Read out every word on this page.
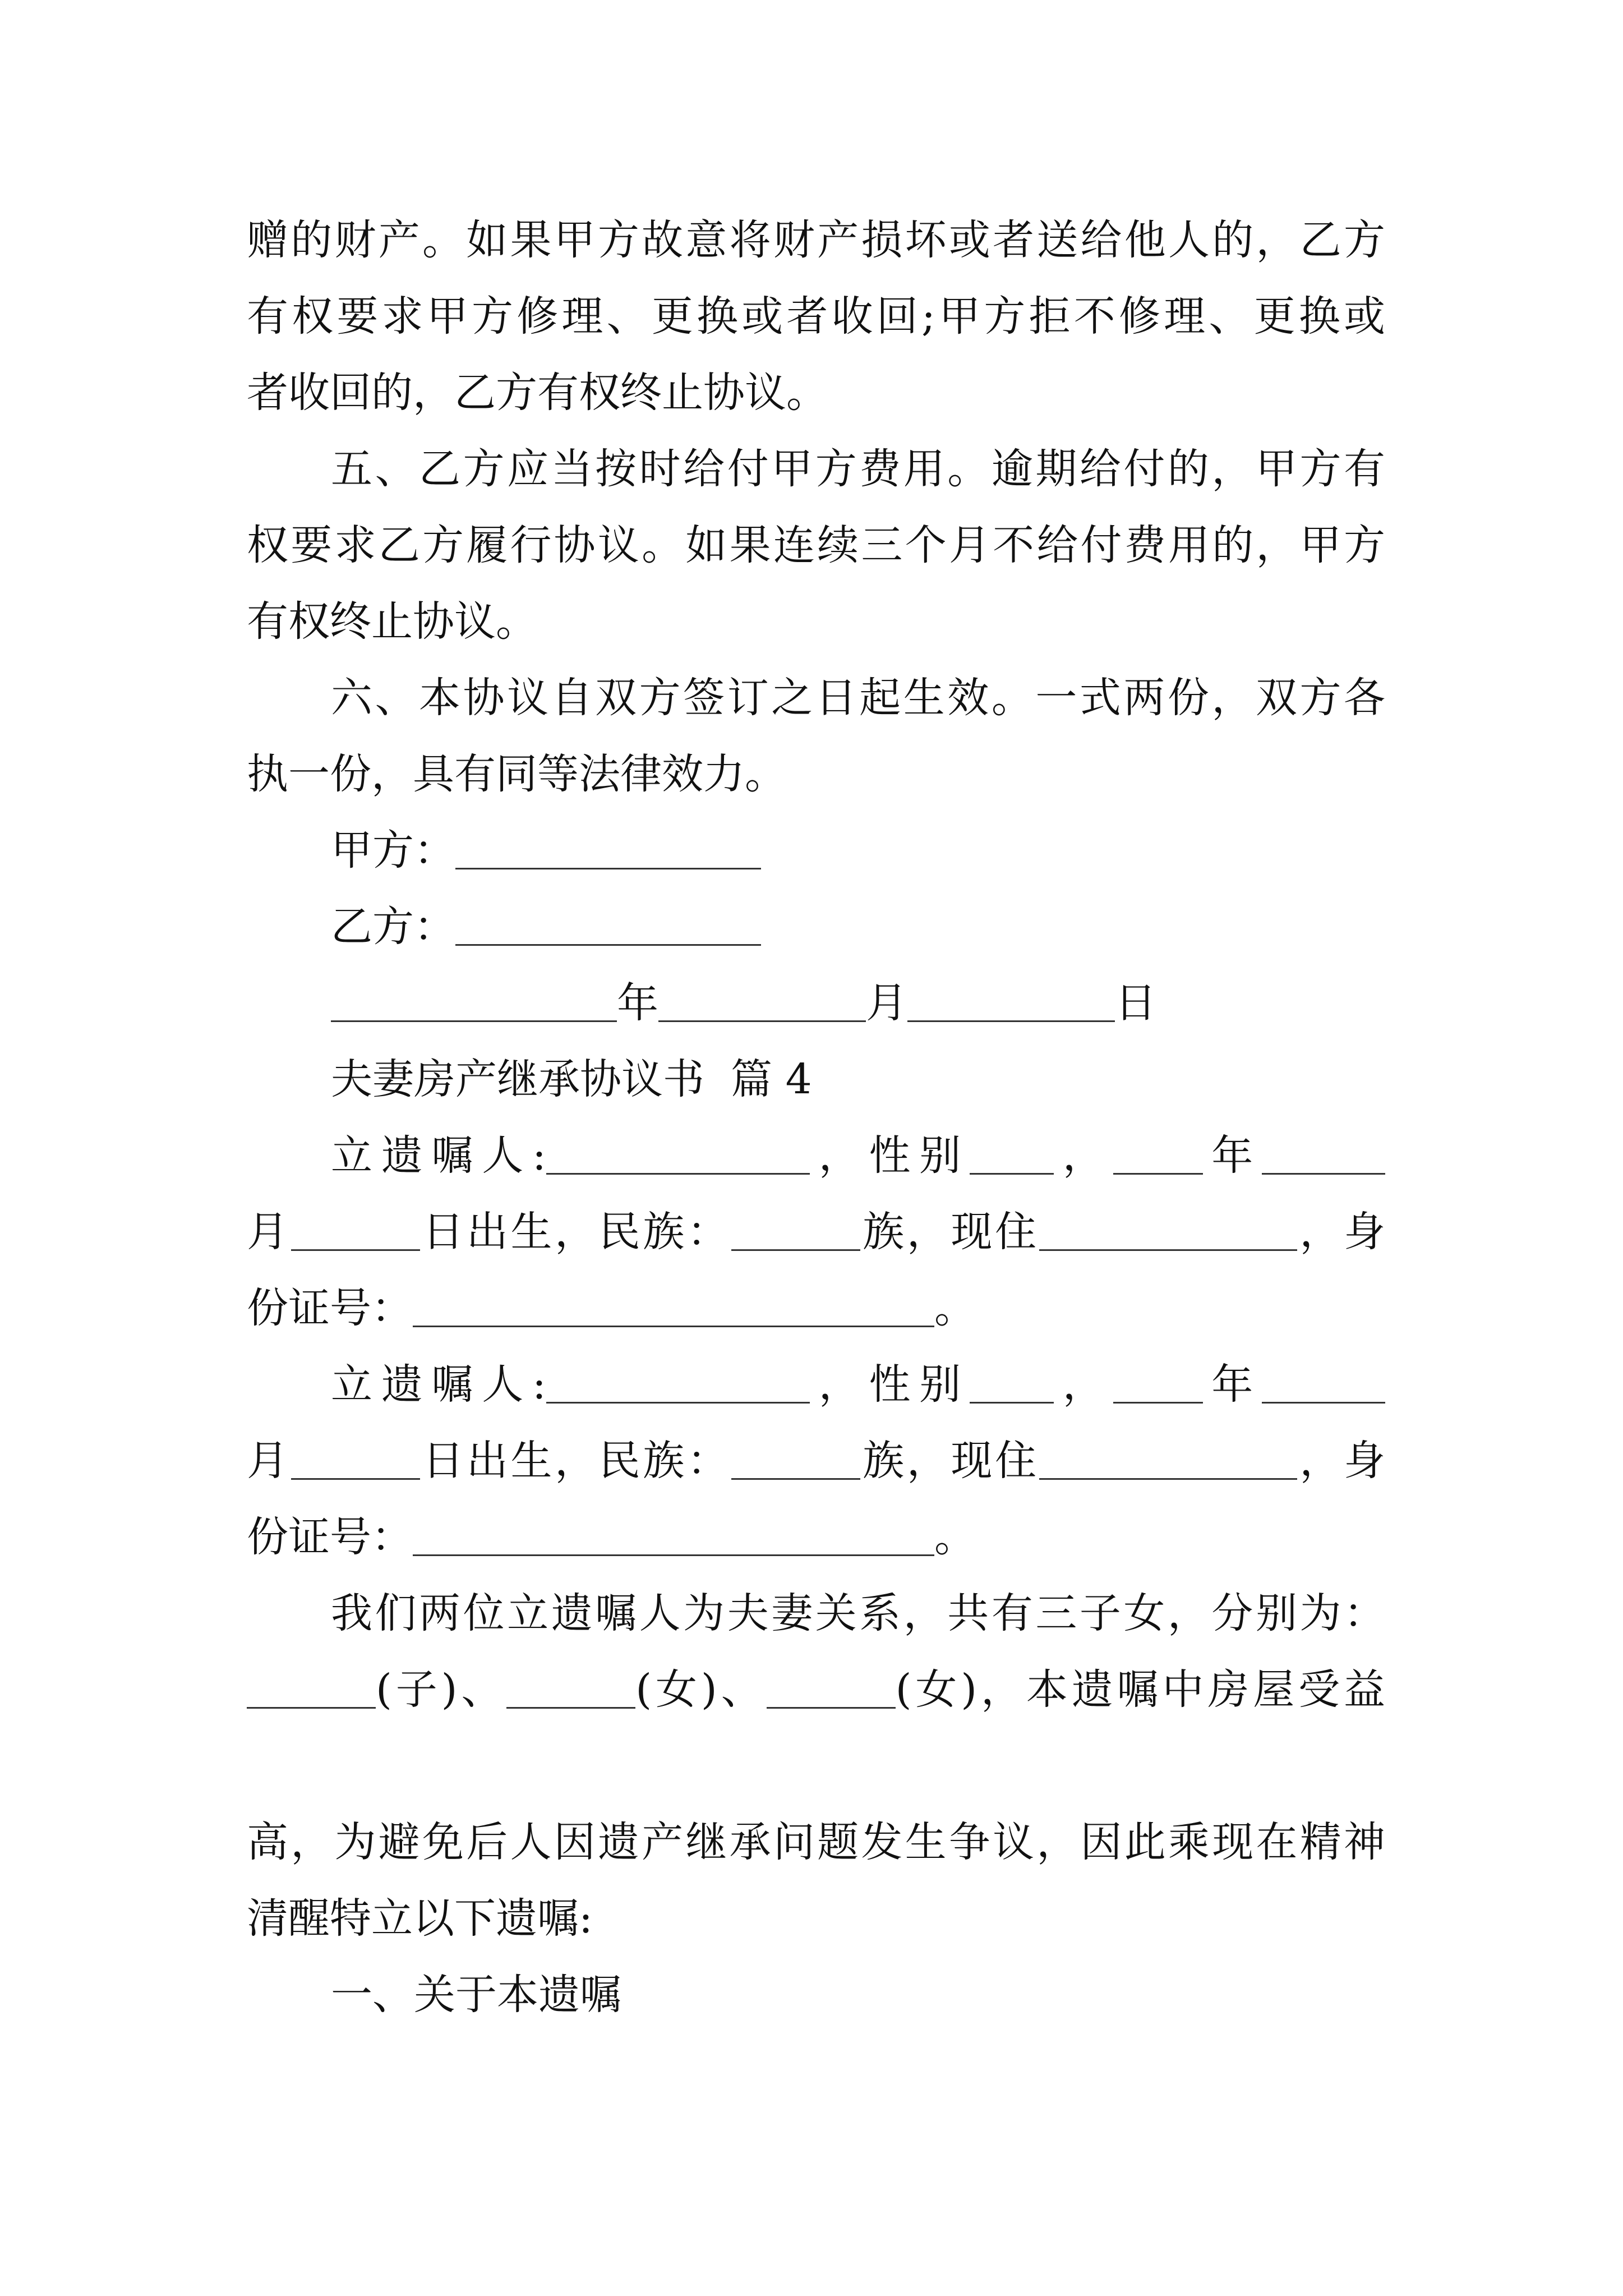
赠的财产。如果甲方故意将财产损坏或者送给他人的，乙方
有权要求甲方修理、更换或者收回;甲方拒不修理、更换或
者收回的，乙方有权终止协议。
五、乙方应当按时给付甲方费用。逾期给付的，甲方有
权要求乙方履行协议。如果连续三个月不给付费用的，甲方
有权终止协议。
六、本协议自双方签订之日起生效。一式两份，双方各
执一份，具有同等法律效力。
甲方：
乙方：
年	月	日
夫妻房产继承协议书  篇 4
立遗嘱人:	，性别 ， 年
月	日出生，民族：	族，现住	，身
份证号：	。
立遗嘱人:	，性别 ， 年
月	日出生，民族：	族，现住	，身
份证号：	。
我们两位立遗嘱人为夫妻关系，共有三子女，分别为：
(子)、	(女)、	(女)，本遗嘱中房屋受益

高，为避免后人因遗产继承问题发生争议，因此乘现在精神
清醒特立以下遗嘱:
一、关于本遗嘱
